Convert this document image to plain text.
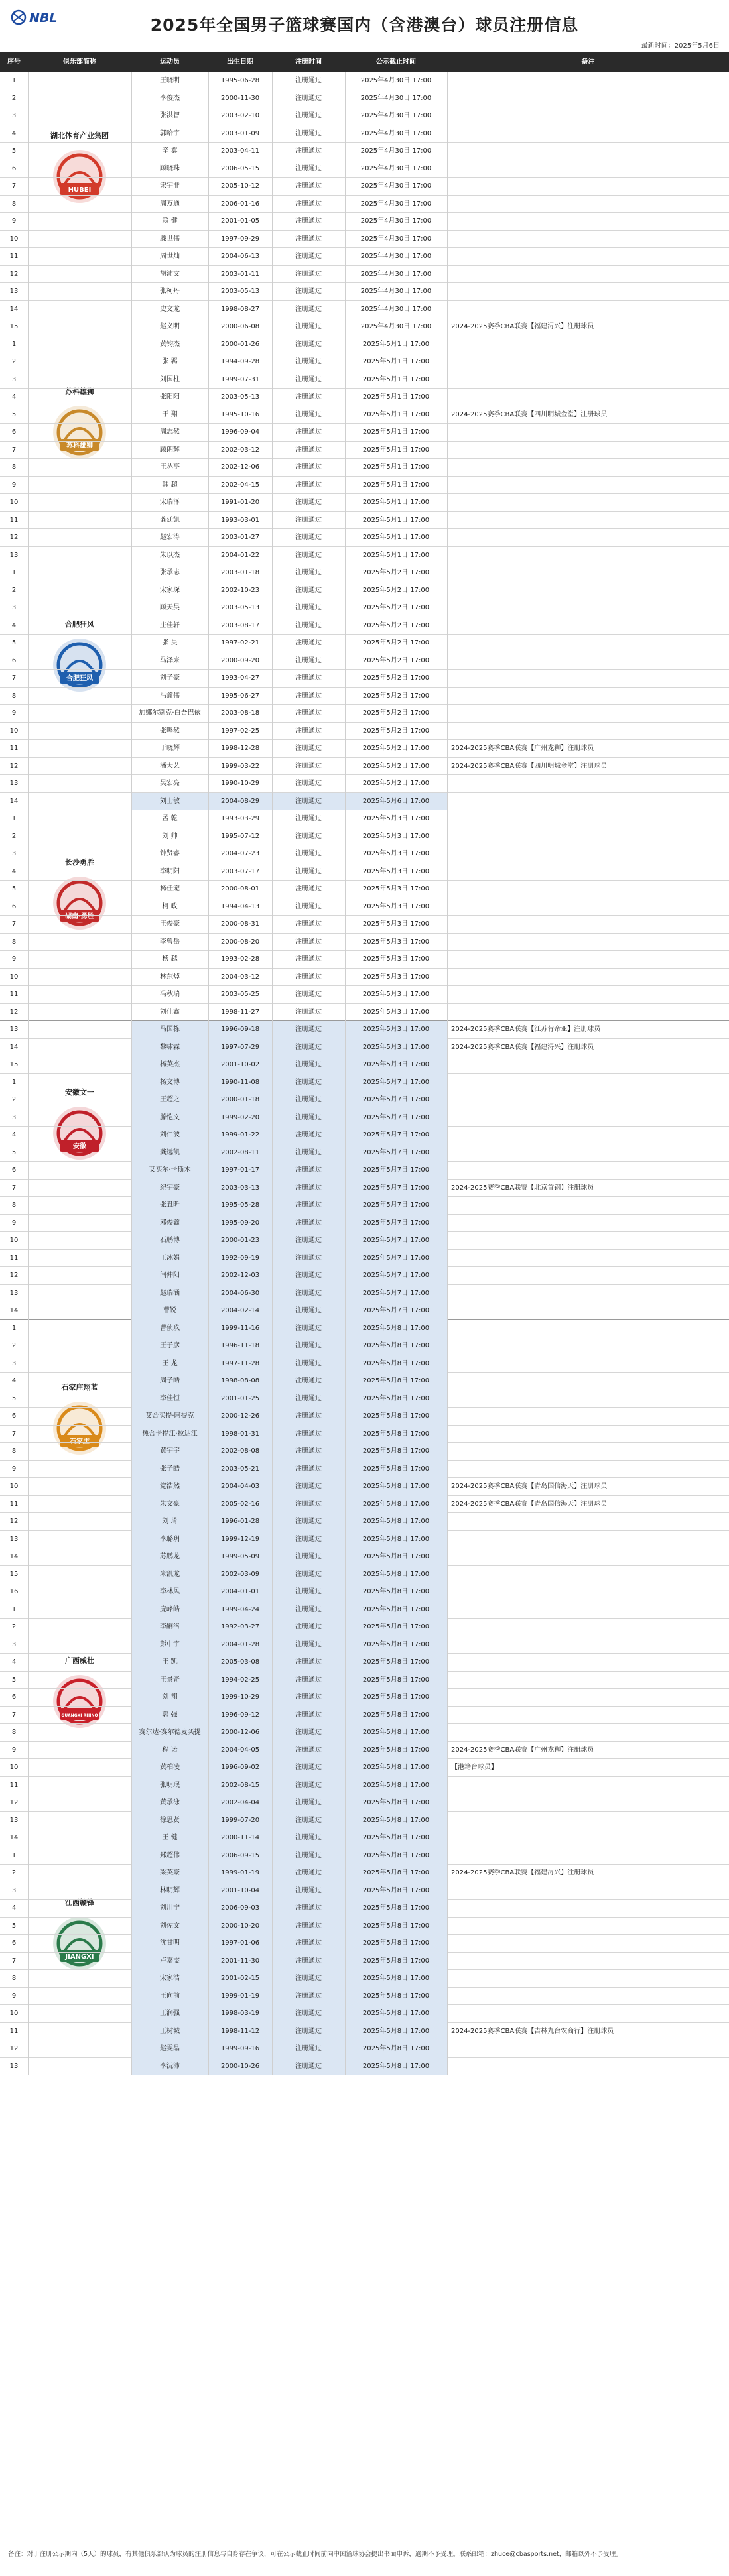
NBL	2025年全国男子篮球赛国内（含港澳台）球员注册信息
最新时间：2025年5月6日
序号	俱乐部简称	运动员	出生日期	注册时间	公示截止时间	备注
湖北体育产业集团
HUBEI
1	王晓明	1995-06-28	注册通过	2025年4月30日 17:00
2	李俊杰	2000-11-30	注册通过	2025年4月30日 17:00
3	张洪智	2003-02-10	注册通过	2025年4月30日 17:00
4	郭哈宇	2003-01-09	注册通过	2025年4月30日 17:00
5	辛 翼	2003-04-11	注册通过	2025年4月30日 17:00
6	顾晓珠	2006-05-15	注册通过	2025年4月30日 17:00
7	宋宇非	2005-10-12	注册通过	2025年4月30日 17:00
8	周万通	2006-01-16	注册通过	2025年4月30日 17:00
9	翁 健	2001-01-05	注册通过	2025年4月30日 17:00
10	滕世伟	1997-09-29	注册通过	2025年4月30日 17:00
11	周世灿	2004-06-13	注册通过	2025年4月30日 17:00
12	胡沛文	2003-01-11	注册通过	2025年4月30日 17:00
13	张柯丹	2003-05-13	注册通过	2025年4月30日 17:00
14	史文龙	1998-08-27	注册通过	2025年4月30日 17:00
15	赵义明	2000-06-08	注册通过	2025年4月30日 17:00	2024-2025赛季CBA联赛【福建浔兴】注册球员
苏科雄狮
苏科雄狮
1	黄钧杰	2000-01-26	注册通过	2025年5月1日 17:00
2	张 羁	1994-09-28	注册通过	2025年5月1日 17:00
3	刘国柱	1999-07-31	注册通过	2025年5月1日 17:00
4	张阳阳	2003-05-13	注册通过	2025年5月1日 17:00
5	于 翔	1995-10-16	注册通过	2025年5月1日 17:00	2024-2025赛季CBA联赛【四川明城金堂】注册球员
6	周志然	1996-09-04	注册通过	2025年5月1日 17:00
7	顾朗辉	2002-03-12	注册通过	2025年5月1日 17:00
8	王丛亭	2002-12-06	注册通过	2025年5月1日 17:00
9	韩 超	2002-04-15	注册通过	2025年5月1日 17:00
10	宋瑞泽	1991-01-20	注册通过	2025年5月1日 17:00
11	龚廷凯	1993-03-01	注册通过	2025年5月1日 17:00
12	赵宏涛	2003-01-27	注册通过	2025年5月1日 17:00
13	朱以杰	2004-01-22	注册通过	2025年5月1日 17:00
合肥狂风
合肥狂风
1	张承志	2003-01-18	注册通过	2025年5月2日 17:00
2	宋家琛	2002-10-23	注册通过	2025年5月2日 17:00
3	顾天昊	2003-05-13	注册通过	2025年5月2日 17:00
4	庄佳轩	2003-08-17	注册通过	2025年5月2日 17:00
5	张 昊	1997-02-21	注册通过	2025年5月2日 17:00
6	马泽来	2000-09-20	注册通过	2025年5月2日 17:00
7	刘子豪	1993-04-27	注册通过	2025年5月2日 17:00
8	冯鑫伟	1995-06-27	注册通过	2025年5月2日 17:00
9	加娜尔别克·白吾巴依	2003-08-18	注册通过	2025年5月2日 17:00
10	张鸣然	1997-02-25	注册通过	2025年5月2日 17:00
11	于晓辉	1998-12-28	注册通过	2025年5月2日 17:00	2024-2025赛季CBA联赛【广州龙狮】注册球员
12	潘大艺	1999-03-22	注册通过	2025年5月2日 17:00	2024-2025赛季CBA联赛【四川明城金堂】注册球员
13	吴宏亮	1990-10-29	注册通过	2025年5月2日 17:00
14	刘士敏	2004-08-29	注册通过	2025年5月6日 17:00
长沙勇胜
湖南·勇胜
1	孟 乾	1993-03-29	注册通过	2025年5月3日 17:00
2	刘 帅	1995-07-12	注册通过	2025年5月3日 17:00
3	钟贤睿	2004-07-23	注册通过	2025年5月3日 17:00
4	李明阳	2003-07-17	注册通过	2025年5月3日 17:00
5	杨佳宠	2000-08-01	注册通过	2025年5月3日 17:00
6	柯 政	1994-04-13	注册通过	2025年5月3日 17:00
7	王俊豪	2000-08-31	注册通过	2025年5月3日 17:00
8	李曾岳	2000-08-20	注册通过	2025年5月3日 17:00
9	杨 越	1993-02-28	注册通过	2025年5月3日 17:00
10	林东焯	2004-03-12	注册通过	2025年5月3日 17:00
11	冯秋瑞	2003-05-25	注册通过	2025年5月3日 17:00
12	刘佳鑫	1998-11-27	注册通过	2025年5月3日 17:00
安徽文一
安徽
13	马国栋	1996-09-18	注册通过	2025年5月3日 17:00	2024-2025赛季CBA联赛【江苏肯帝亚】注册球员
14	黎啸霖	1997-07-29	注册通过	2025年5月3日 17:00	2024-2025赛季CBA联赛【福建浔兴】注册球员
15	杨英杰	2001-10-02	注册通过	2025年5月3日 17:00
1	杨文博	1990-11-08	注册通过	2025年5月7日 17:00
2	王超之	2000-01-18	注册通过	2025年5月7日 17:00
3	滕恺文	1999-02-20	注册通过	2025年5月7日 17:00
4	刘仁波	1999-01-22	注册通过	2025年5月7日 17:00
5	龚远凯	2002-08-11	注册通过	2025年5月7日 17:00
6	艾买尔·卡斯木	1997-01-17	注册通过	2025年5月7日 17:00
7	纪宇豪	2003-03-13	注册通过	2025年5月7日 17:00	2024-2025赛季CBA联赛【北京首钢】注册球员
8	张丑昕	1995-05-28	注册通过	2025年5月7日 17:00
9	邓俊鑫	1995-09-20	注册通过	2025年5月7日 17:00
10	石鹏博	2000-01-23	注册通过	2025年5月7日 17:00
11	王冰娟	1992-09-19	注册通过	2025年5月7日 17:00
12	闫仲阳	2002-12-03	注册通过	2025年5月7日 17:00
13	赵瑞涵	2004-06-30	注册通过	2025年5月7日 17:00
14	曹锐	2004-02-14	注册通过	2025年5月7日 17:00
石家庄翔蓝
石家庄
1	曹侦玖	1999-11-16	注册通过	2025年5月8日 17:00
2	王子彦	1996-11-18	注册通过	2025年5月8日 17:00
3	王 龙	1997-11-28	注册通过	2025年5月8日 17:00
4	周子皓	1998-08-08	注册通过	2025年5月8日 17:00
5	李佳恒	2001-01-25	注册通过	2025年5月8日 17:00
6	艾合买提·阿提克	2000-12-26	注册通过	2025年5月8日 17:00
7	热合卡提江·拉达江	1998-01-31	注册通过	2025年5月8日 17:00
8	黄宇宇	2002-08-08	注册通过	2025年5月8日 17:00
9	张子皓	2003-05-21	注册通过	2025年5月8日 17:00
10	党浩然	2004-04-03	注册通过	2025年5月8日 17:00	2024-2025赛季CBA联赛【青岛国信海天】注册球员
11	朱文豪	2005-02-16	注册通过	2025年5月8日 17:00	2024-2025赛季CBA联赛【青岛国信海天】注册球员
12	刘 琦	1996-01-28	注册通过	2025年5月8日 17:00
13	李璐玥	1999-12-19	注册通过	2025年5月8日 17:00
14	苏鹏龙	1999-05-09	注册通过	2025年5月8日 17:00
15	米凯龙	2002-03-09	注册通过	2025年5月8日 17:00
16	李林风	2004-01-01	注册通过	2025年5月8日 17:00
广西威壮
GUANGXI RHINO
1	庞峰皓	1999-04-24	注册通过	2025年5月8日 17:00
2	李嗣洛	1992-03-27	注册通过	2025年5月8日 17:00
3	彭中宇	2004-01-28	注册通过	2025年5月8日 17:00
4	王 凯	2005-03-08	注册通过	2025年5月8日 17:00
5	王景奇	1994-02-25	注册通过	2025年5月8日 17:00
6	刘 翔	1999-10-29	注册通过	2025年5月8日 17:00
7	郭 强	1996-09-12	注册通过	2025年5月8日 17:00
8	赛尔达·赛尔德麦买提	2000-12-06	注册通过	2025年5月8日 17:00
9	程 诺	2004-04-05	注册通过	2025年5月8日 17:00	2024-2025赛季CBA联赛【广州龙狮】注册球员
10	黄柏凌	1996-09-02	注册通过	2025年5月8日 17:00	【港籍台球员】
11	张明珉	2002-08-15	注册通过	2025年5月8日 17:00
12	黄承泳	2002-04-04	注册通过	2025年5月8日 17:00
13	徐思贤	1999-07-20	注册通过	2025年5月8日 17:00
14	王 健	2000-11-14	注册通过	2025年5月8日 17:00
江西赣锋
JIANGXI
1	郑超伟	2006-09-15	注册通过	2025年5月8日 17:00
2	梁英豪	1999-01-19	注册通过	2025年5月8日 17:00	2024-2025赛季CBA联赛【福建浔兴】注册球员
3	林明辉	2001-10-04	注册通过	2025年5月8日 17:00
4	刘川宁	2006-09-03	注册通过	2025年5月8日 17:00
5	刘佐文	2000-10-20	注册通过	2025年5月8日 17:00
6	沈甘明	1997-01-06	注册通过	2025年5月8日 17:00
7	卢嘉雯	2001-11-30	注册通过	2025年5月8日 17:00
8	宋家浩	2001-02-15	注册通过	2025年5月8日 17:00
9	王向前	1999-01-19	注册通过	2025年5月8日 17:00
10	王润强	1998-03-19	注册通过	2025年5月8日 17:00
11	王树城	1998-11-12	注册通过	2025年5月8日 17:00	2024-2025赛季CBA联赛【吉林九台农商行】注册球员
12	赵雯晶	1999-09-16	注册通过	2025年5月8日 17:00
13	李沅沛	2000-10-26	注册通过	2025年5月8日 17:00
备注：对于注册公示期内（5天）的球员，有其他俱乐部认为球员的注册信息与自身存在争议，可在公示截止时间前向中国篮球协会提出书面申诉，逾期不予受理。联系邮箱：zhuce@cbasports.net，邮箱以外不予受理。
